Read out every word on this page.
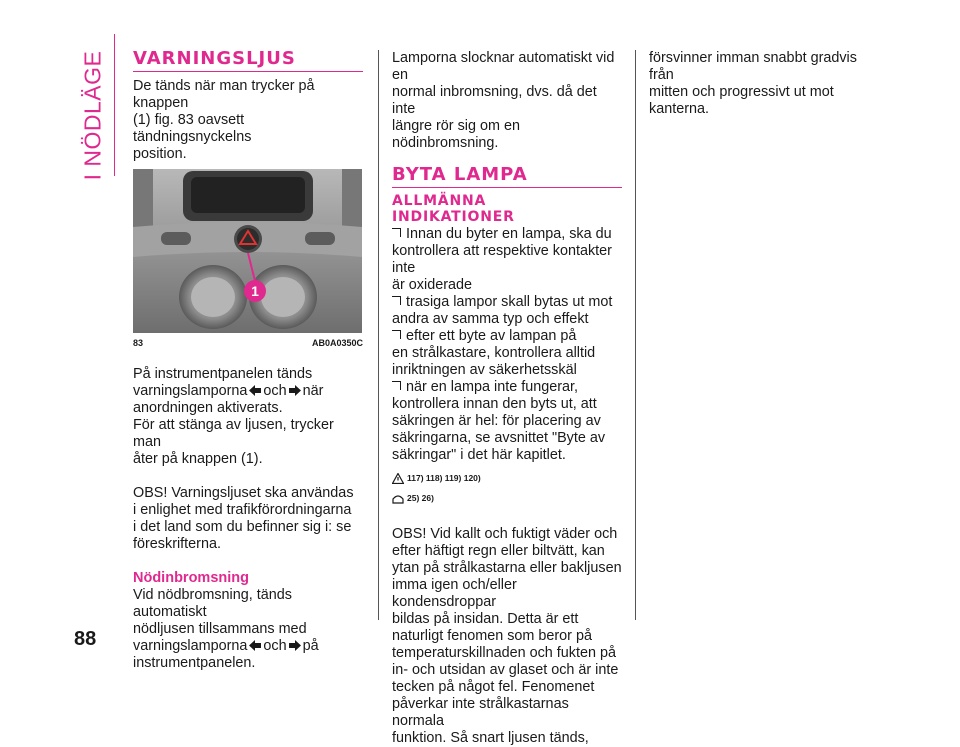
I NÖDLÄGE VARNINGSLJUS

De tänds när man trycker på knappen

(1) fig. 83 oavsett tändningsnyckelns

position.

1
83	AB0A0350C

På instrumentpanelen tänds

varningslamporna och när

anordningen aktiverats.

För att stänga av ljusen, trycker man

åter på knappen (1).

OBS! Varningsljuset ska användas

i enlighet med trafikförordningarna

i det land som du befinner sig i: se

föreskrifterna.

Nödinbromsning

Vid nödbromsning, tänds automatiskt

nödljusen tillsammans med

varningslamporna och på

instrumentpanelen.

Lamporna slocknar automatiskt vid en

normal inbromsning, dvs. då det inte

längre rör sig om en nödinbromsning.

BYTA LAMPA
ALLMÄNNA
INDIKATIONER

Innan du byter en lampa, ska du

kontrollera att respektive kontakter inte

är oxiderade

trasiga lampor skall bytas ut mot

andra av samma typ och effekt

efter ett byte av lampan på

en strålkastare, kontrollera alltid

inriktningen av säkerhetsskäl

när en lampa inte fungerar,

kontrollera innan den byts ut, att

säkringen är hel: för placering av

säkringarna, se avsnittet "Byte av

säkringar" i det här kapitlet.

117) 118) 119) 120)
25) 26)

OBS! Vid kallt och fuktigt väder och

efter häftigt regn eller biltvätt, kan

ytan på strålkastarna eller bakljusen

imma igen och/eller kondensdroppar

bildas på insidan. Detta är ett

naturligt fenomen som beror på

temperaturskillnaden och fukten på

in- och utsidan av glaset och är inte

tecken på något fel. Fenomenet

påverkar inte strålkastarnas normala

funktion. Så snart ljusen tänds,

försvinner imman snabbt gradvis från

mitten och progressivt ut mot kanterna.

88
